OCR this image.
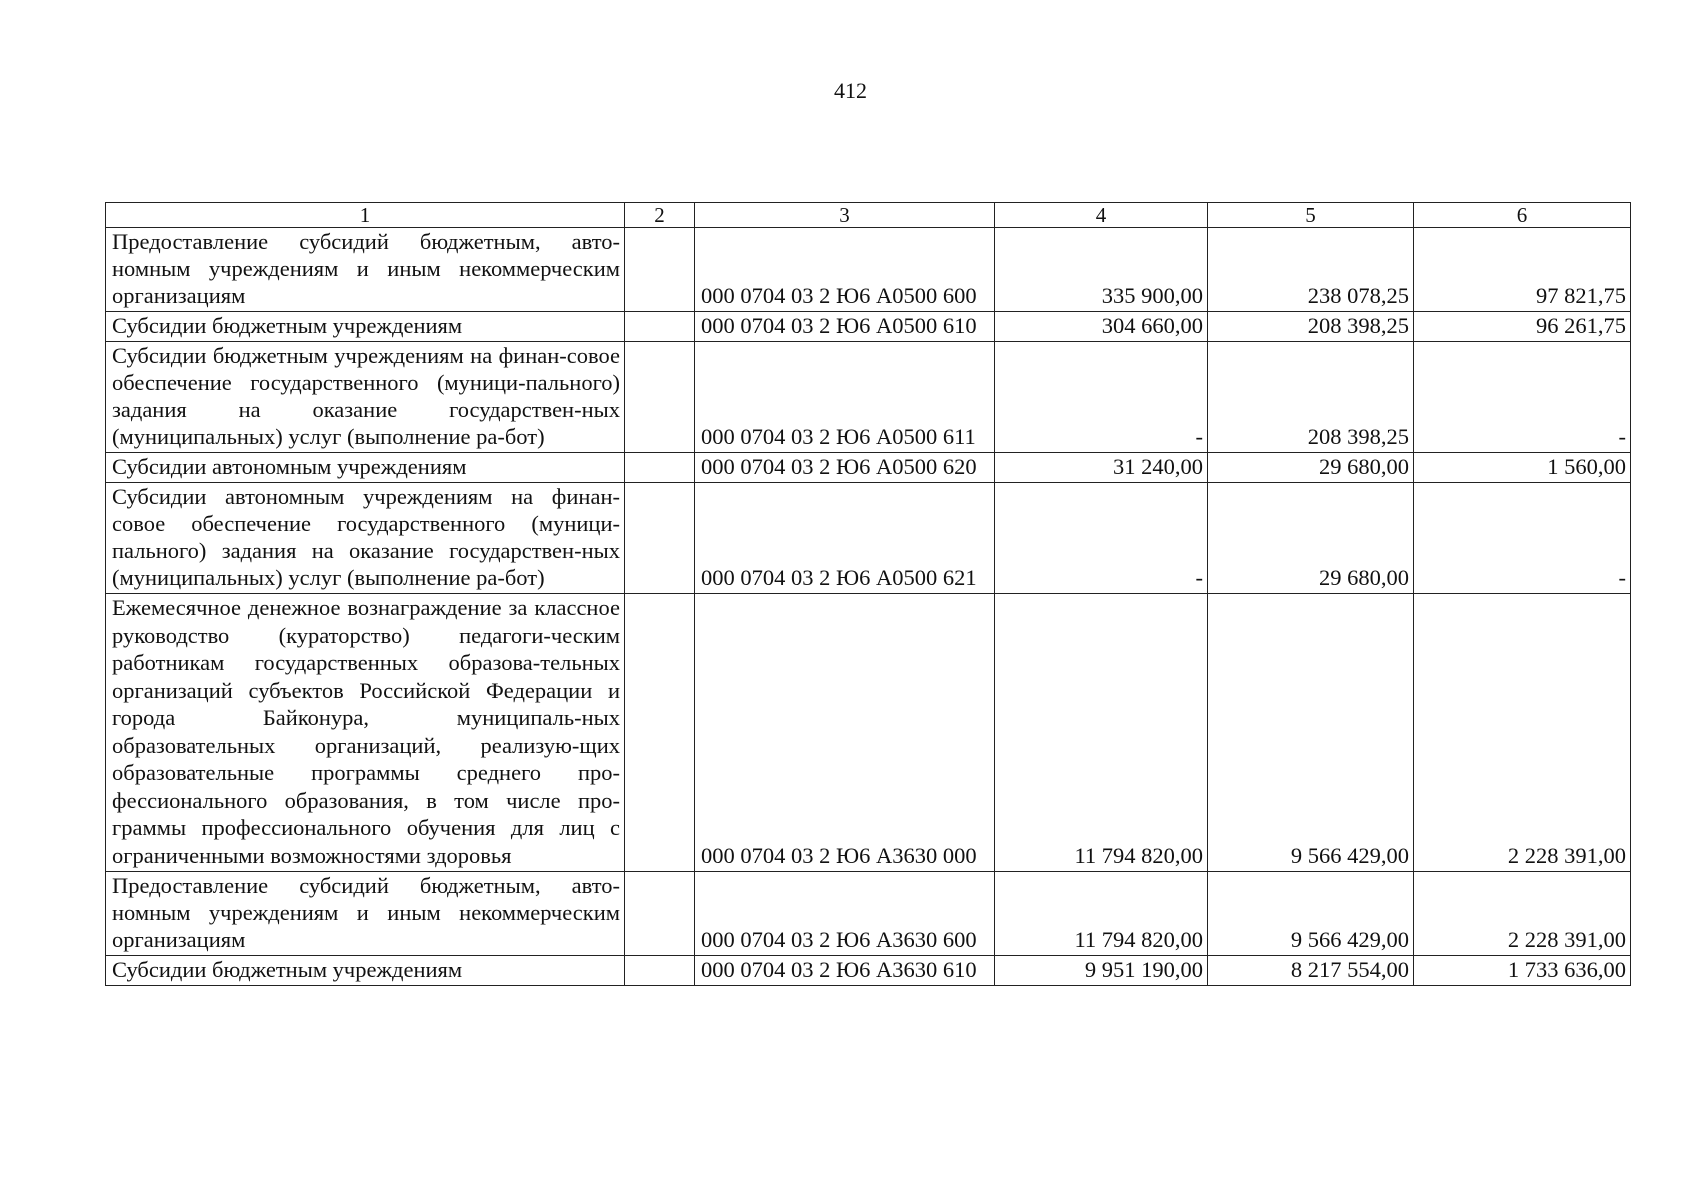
412
1	2	3	4	5	6
Предоставление субсидий бюджетным, авто-номным учреждениям и иным некоммерческим организациям		000 0704 03 2 Ю6 А0500 600	335 900,00	238 078,25	97 821,75
Субсидии бюджетным учреждениям		000 0704 03 2 Ю6 А0500 610	304 660,00	208 398,25	96 261,75
Субсидии бюджетным учреждениям на финан-совое обеспечение государственного (муници-пального) задания на оказание государствен-ных (муниципальных) услуг (выполнение ра-бот)		000 0704 03 2 Ю6 А0500 611	-	208 398,25	-
Субсидии автономным учреждениям		000 0704 03 2 Ю6 А0500 620	31 240,00	29 680,00	1 560,00
Субсидии автономным учреждениям на финан-совое обеспечение государственного (муници-пального) задания на оказание государствен-ных (муниципальных) услуг (выполнение ра-бот)		000 0704 03 2 Ю6 А0500 621	-	29 680,00	-
Ежемесячное денежное вознаграждение за классное руководство (кураторство) педагоги-ческим работникам государственных образова-тельных организаций субъектов Российской Федерации и города Байконура, муниципаль-ных образовательных организаций, реализую-щих образовательные программы среднего про-фессионального образования, в том числе про-граммы профессионального обучения для лиц с ограниченными возможностями здоровья		000 0704 03 2 Ю6 А3630 000	11 794 820,00	9 566 429,00	2 228 391,00
Предоставление субсидий бюджетным, авто-номным учреждениям и иным некоммерческим организациям		000 0704 03 2 Ю6 А3630 600	11 794 820,00	9 566 429,00	2 228 391,00
Субсидии бюджетным учреждениям		000 0704 03 2 Ю6 А3630 610	9 951 190,00	8 217 554,00	1 733 636,00
